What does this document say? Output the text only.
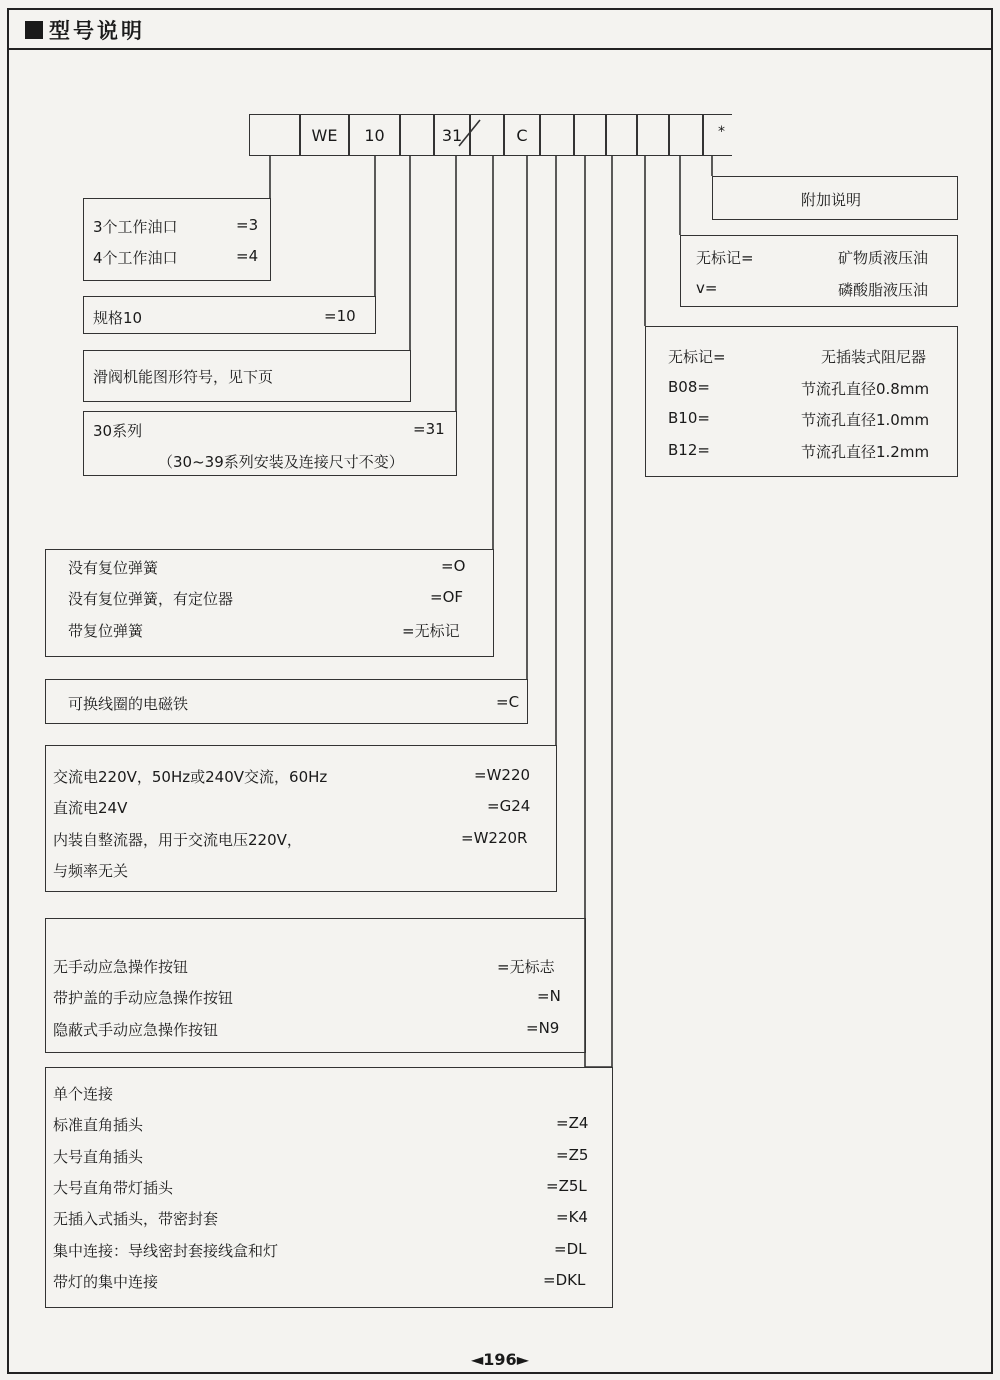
型号说明
WE	10	31	C	*
3个工作油口	=3
4个工作油口	=4
规格10	=10
滑阀机能图形符号，见下页
30系列	=31
（30~39系列安装及连接尺寸不变）
没有复位弹簧	=O
没有复位弹簧，有定位器	=OF
带复位弹簧	=无标记
可换线圈的电磁铁	=C
交流电220V，50Hz或240V交流，60Hz	=W220
直流电24V	=G24
内装自整流器，用于交流电压220V，	=W220R
与频率无关
无手动应急操作按钮	=无标志
带护盖的手动应急操作按钮	=N
隐蔽式手动应急操作按钮	=N9
单个连接
标准直角插头	=Z4
大号直角插头	=Z5
大号直角带灯插头	=Z5L
无插入式插头，带密封套	=K4
集中连接：导线密封套接线盒和灯	=DL
带灯的集中连接	=DKL
附加说明
无标记=	矿物质液压油
v=	磷酸脂液压油
无标记=	无插装式阻尼器
B08=	节流孔直径0.8mm
B10=	节流孔直径1.0mm
B12=	节流孔直径1.2mm
◄196►
